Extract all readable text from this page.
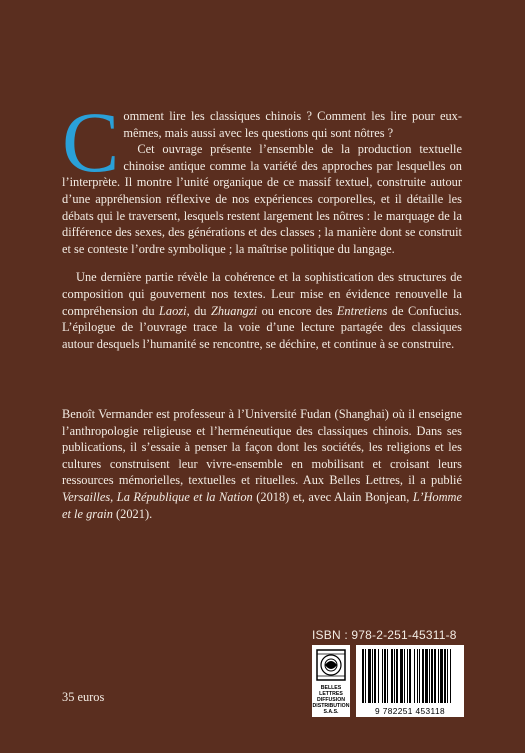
Comment lire les classiques chinois ? Comment les lire pour eux-mêmes, mais aussi avec les questions qui sont nôtres ?

Cet ouvrage présente l’ensemble de la production textuelle chinoise antique comme la variété des approches par lesquelles on l’interprète. Il montre l’unité organique de ce massif textuel, construite autour d’une appréhension réflexive de nos expériences corporelles, et il détaille les débats qui le traversent, lesquels restent largement les nôtres : le marquage de la différence des sexes, des générations et des classes ; la manière dont se construit et se conteste l’ordre symbolique ; la maîtrise politique du langage.

Une dernière partie révèle la cohérence et la sophistication des structures de composition qui gouvernent nos textes. Leur mise en évidence renouvelle la compréhension du Laozi, du Zhuangzi ou encore des Entretiens de Confucius. L’épilogue de l’ouvrage trace la voie d’une lecture partagée des classiques autour desquels l’humanité se rencontre, se déchire, et continue à se construire.

Benoît Vermander est professeur à l’Université Fudan (Shanghai) où il enseigne l’anthropologie religieuse et l’herméneutique des classiques chinois. Dans ses publications, il s’essaie à penser la façon dont les sociétés, les religions et les cultures construisent leur vivre-ensemble en mobilisant et croisant leurs ressources mémorielles, textuelles et rituelles. Aux Belles Lettres, il a publié Versailles, La République et la Nation (2018) et, avec Alain Bonjean, L’Homme et le grain (2021).

ISBN : 978-2-251-45311-8
BELLES LETTRES
DIFFUSION
DISTRIBUTION
S.A.S.	9 782251 453118
35 euros
